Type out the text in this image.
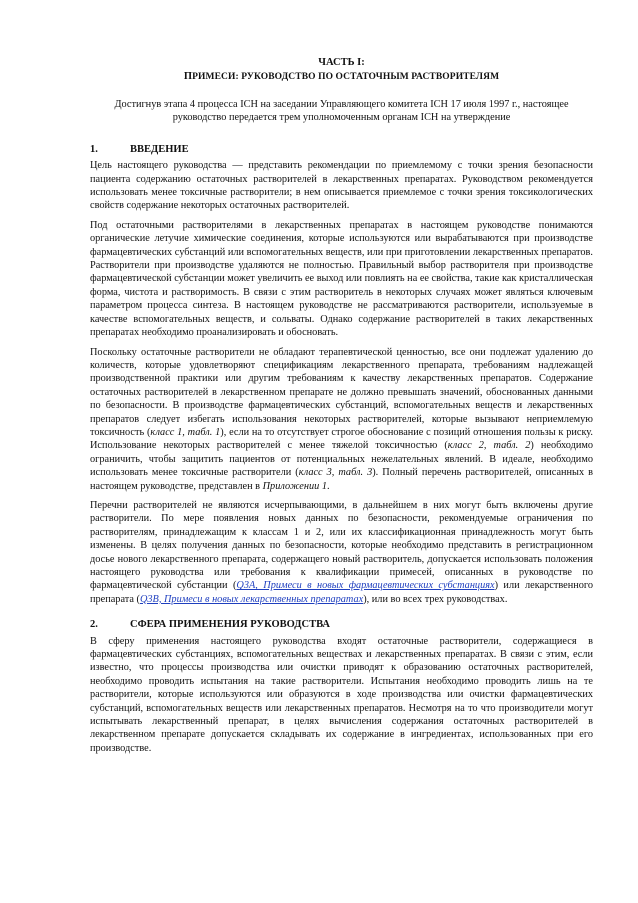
ЧАСТЬ I:
ПРИМЕСИ: РУКОВОДСТВО ПО ОСТАТОЧНЫМ РАСТВОРИТЕЛЯМ
Достигнув этапа 4 процесса ICH на заседании Управляющего комитета ICH 17 июля 1997 г., настоящее руководство передается трем уполномоченным органам ICH на утверждение
1.	ВВЕДЕНИЕ

Цель настоящего руководства — представить рекомендации по приемлемому с точки зрения безопасности пациента содержанию остаточных растворителей в лекарственных препаратах. Руководством рекомендуется использовать менее токсичные растворители; в нем описывается приемлемое с точки зрения токсикологических свойств содержание некоторых остаточных растворителей.

Под остаточными растворителями в лекарственных препаратах в настоящем руководстве понимаются органические летучие химические соединения, которые используются или вырабатываются при производстве фармацевтических субстанций или вспомогательных веществ, или при приготовлении лекарственных препаратов. Растворители при производстве удаляются не полностью. Правильный выбор растворителя при производстве фармацевтической субстанции может увеличить ее выход или повлиять на ее свойства, такие как кристаллическая форма, чистота и растворимость. В связи с этим растворитель в некоторых случаях может являться ключевым параметром процесса синтеза. В настоящем руководстве не рассматриваются растворители, используемые в качестве вспомогательных веществ, и сольваты. Однако содержание растворителей в таких лекарственных препаратах необходимо проанализировать и обосновать.

Поскольку остаточные растворители не обладают терапевтической ценностью, все они подлежат удалению до количеств, которые удовлетворяют спецификациям лекарственного препарата, требованиям надлежащей производственной практики или другим требованиям к качеству лекарственных препаратов. Содержание остаточных растворителей в лекарственном препарате не должно превышать значений, обоснованных данными по безопасности. В производстве фармацевтических субстанций, вспомогательных веществ и лекарственных препаратов следует избегать использования некоторых растворителей, которые вызывают неприемлемую токсичность (класс 1, табл. 1), если на то отсутствует строгое обоснование с позиций отношения пользы к риску. Использование некоторых растворителей с менее тяжелой токсичностью (класс 2, табл. 2) необходимо ограничить, чтобы защитить пациентов от потенциальных нежелательных явлений. В идеале, необходимо использовать менее токсичные растворители (класс 3, табл. 3). Полный перечень растворителей, описанных в настоящем руководстве, представлен в Приложении 1.

Перечни растворителей не являются исчерпывающими, в дальнейшем в них могут быть включены другие растворители. По мере появления новых данных по безопасности, рекомендуемые ограничения по растворителям, принадлежащим к классам 1 и 2, или их классификационная принадлежность могут быть изменены. В целях получения данных по безопасности, которые необходимо представить в регистрационном досье нового лекарственного препарата, содержащего новый растворитель, допускается использовать положения настоящего руководства или требования к квалификации примесей, описанных в руководстве по фармацевтической субстанции (Q3A, Примеси в новых фармацевтических субстанциях) или лекарственного препарата (Q3B, Примеси в новых лекарственных препаратах), или во всех трех руководствах.

2.	СФЕРА ПРИМЕНЕНИЯ РУКОВОДСТВА

В сферу применения настоящего руководства входят остаточные растворители, содержащиеся в фармацевтических субстанциях, вспомогательных веществах и лекарственных препаратах. В связи с этим, если известно, что процессы производства или очистки приводят к образованию остаточных растворителей, необходимо проводить испытания на такие растворители. Испытания необходимо проводить лишь на те растворители, которые используются или образуются в ходе производства или очистки фармацевтических субстанций, вспомогательных веществ или лекарственных препаратов. Несмотря на то что производители могут испытывать лекарственный препарат, в целях вычисления содержания остаточных растворителей в лекарственном препарате допускается складывать их содержание в ингредиентах, использованных при его производстве.
